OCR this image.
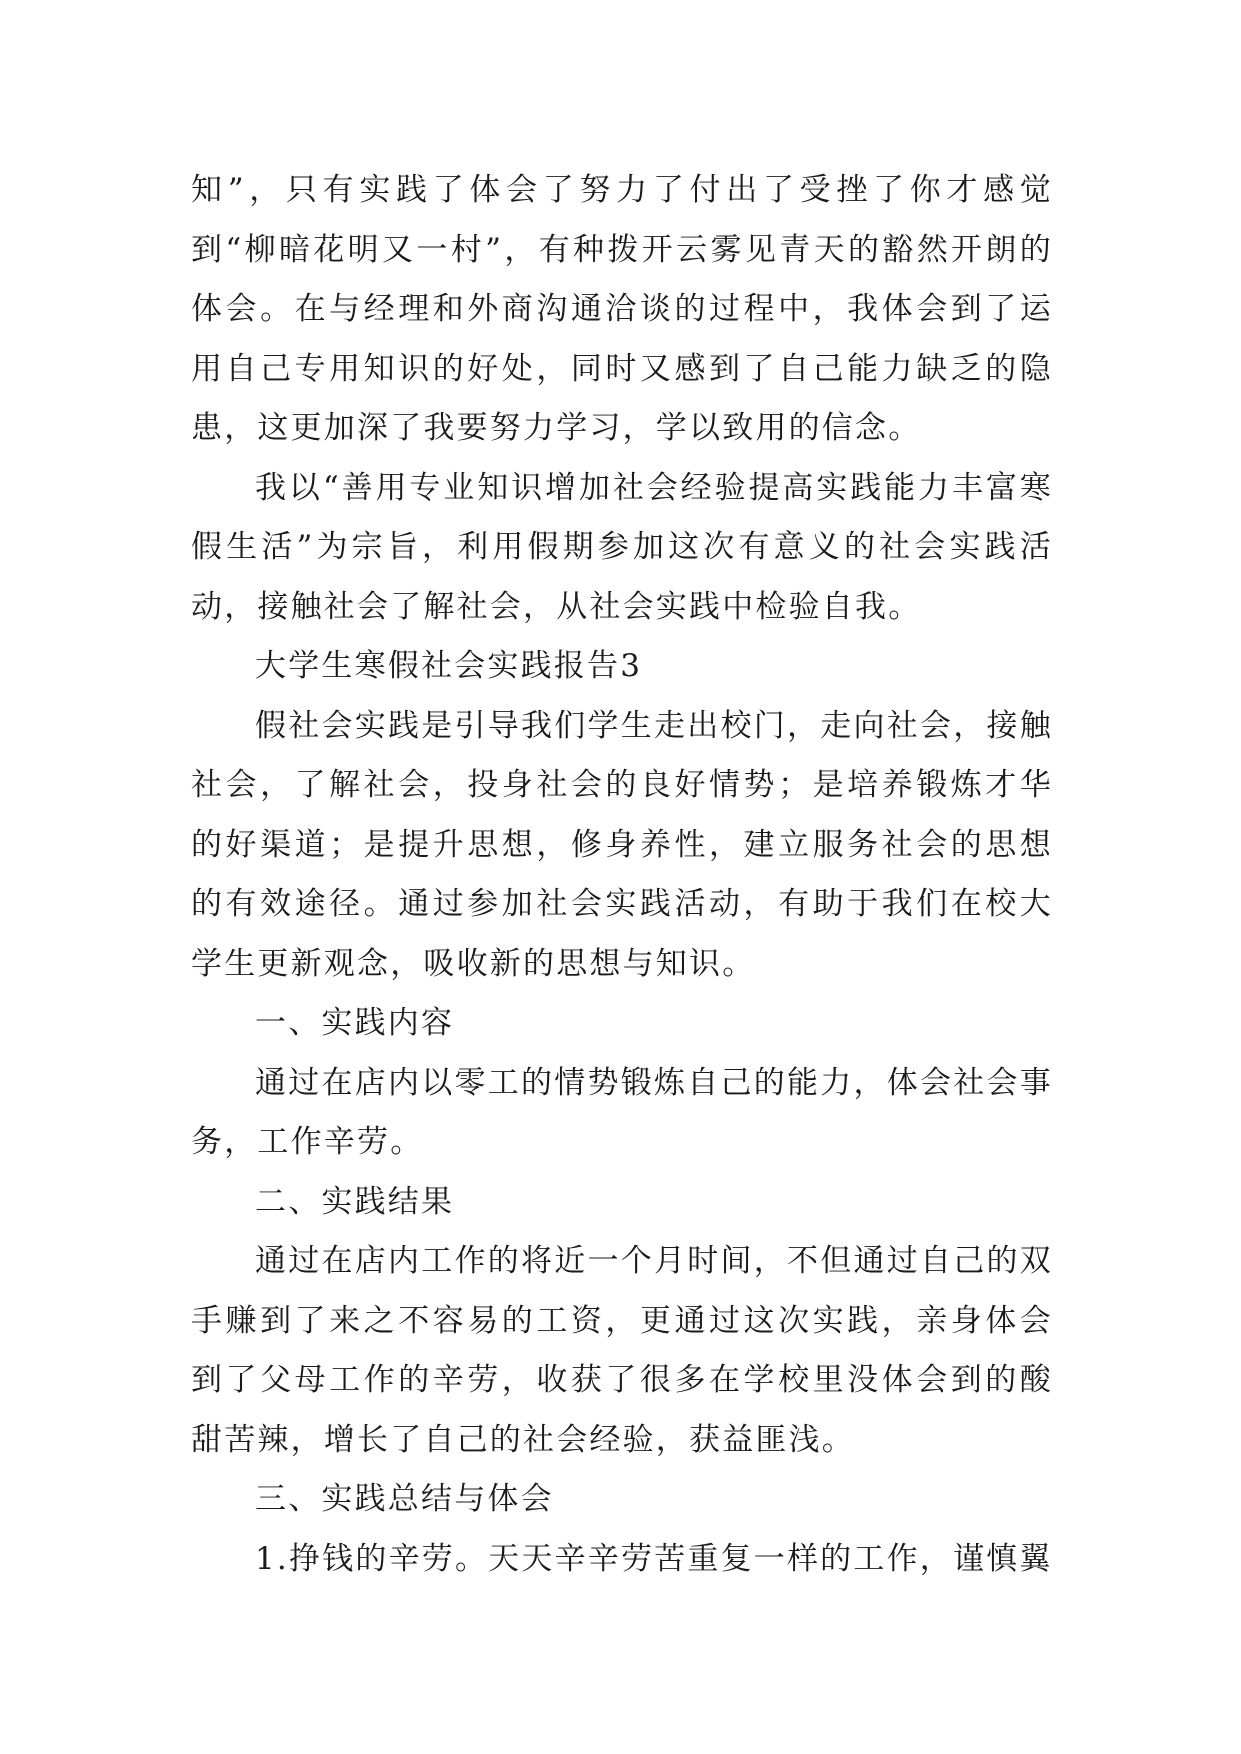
知”，只有实践了体会了努力了付出了受挫了你才感觉到“柳暗花明又一村”，有种拨开云雾见青天的豁然开朗的体会。在与经理和外商沟通洽谈的过程中，我体会到了运用自己专用知识的好处，同时又感到了自己能力缺乏的隐患，这更加深了我要努力学习，学以致用的信念。

我以“善用专业知识增加社会经验提高实践能力丰富寒假生活”为宗旨，利用假期参加这次有意义的社会实践活动，接触社会了解社会，从社会实践中检验自我。

大学生寒假社会实践报告3

假社会实践是引导我们学生走出校门，走向社会，接触社会，了解社会，投身社会的良好情势；是培养锻炼才华的好渠道；是提升思想，修身养性，建立服务社会的思想的有效途径。通过参加社会实践活动，有助于我们在校大学生更新观念，吸收新的思想与知识。

一、实践内容

通过在店内以零工的情势锻炼自己的能力，体会社会事务，工作辛劳。

二、实践结果

通过在店内工作的将近一个月时间，不但通过自己的双手赚到了来之不容易的工资，更通过这次实践，亲身体会到了父母工作的辛劳，收获了很多在学校里没体会到的酸甜苦辣，增长了自己的社会经验，获益匪浅。

三、实践总结与体会

1.挣钱的辛劳。天天辛辛劳苦重复一样的工作，谨慎翼
